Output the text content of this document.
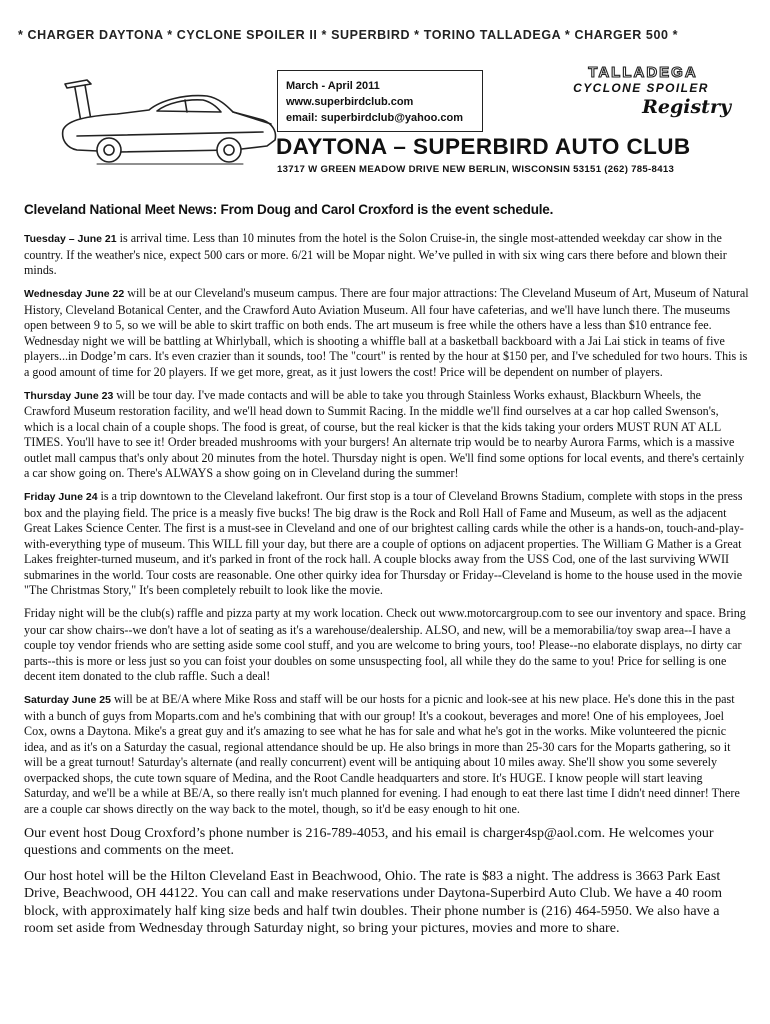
* CHARGER DAYTONA * CYCLONE SPOILER II * SUPERBIRD * TORINO TALLADEGA * CHARGER 500 *
March - April 2011
www.superbirdclub.com
email: superbirdclub@yahoo.com
TALLADEGA
CYCLONE SPOILER
Registry
DAYTONA – SUPERBIRD AUTO CLUB
13717 W GREEN MEADOW DRIVE NEW BERLIN, WISCONSIN 53151 (262) 785-8413
Cleveland National Meet News: From Doug and Carol Croxford is the event schedule.

Tuesday – June 21 is arrival time. Less than 10 minutes from the hotel is the Solon Cruise-in, the single most-attended weekday car show in the country. If the weather's nice, expect 500 cars or more. 6/21 will be Mopar night. We’ve pulled in with six wing cars there before and blown their minds.

Wednesday June 22 will be at our Cleveland's museum campus. There are four major attractions: The Cleveland Museum of Art, Museum of Natural History, Cleveland Botanical Center, and the Crawford Auto Aviation Museum. All four have cafeterias, and we'll have lunch there. The museums open between 9 to 5, so we will be able to skirt traffic on both ends. The art museum is free while the others have a less than $10 entrance fee. Wednesday night we will be battling at Whirlyball, which is shooting a whiffle ball at a basketball backboard with a Jai Lai stick in teams of five players...in Dodge’m cars. It's even crazier than it sounds, too! The "court" is rented by the hour at $150 per, and I've scheduled for two hours. This is a good amount of time for 20 players. If we get more, great, as it just lowers the cost! Price will be dependent on number of players.

Thursday June 23 will be tour day. I've made contacts and will be able to take you through Stainless Works exhaust, Blackburn Wheels, the Crawford Museum restoration facility, and we'll head down to Summit Racing. In the middle we'll find ourselves at a car hop called Swenson's, which is a local chain of a couple shops. The food is great, of course, but the real kicker is that the kids taking your orders MUST RUN AT ALL TIMES. You'll have to see it! Order breaded mushrooms with your burgers! An alternate trip would be to nearby Aurora Farms, which is a massive outlet mall campus that's only about 20 minutes from the hotel. Thursday night is open. We'll find some options for local events, and there's certainly a car show going on. There's ALWAYS a show going on in Cleveland during the summer!

Friday June 24 is a trip downtown to the Cleveland lakefront. Our first stop is a tour of Cleveland Browns Stadium, complete with stops in the press box and the playing field. The price is a measly five bucks! The big draw is the Rock and Roll Hall of Fame and Museum, as well as the adjacent Great Lakes Science Center. The first is a must-see in Cleveland and one of our brightest calling cards while the other is a hands-on, touch-and-play-with-everything type of museum. This WILL fill your day, but there are a couple of options on adjacent properties. The William G Mather is a Great Lakes freighter-turned museum, and it's parked in front of the rock hall. A couple blocks away from the USS Cod, one of the last surviving WWII submarines in the world. Tour costs are reasonable. One other quirky idea for Thursday or Friday--Cleveland is home to the house used in the movie "The Christmas Story," It's been completely rebuilt to look like the movie.

Friday night will be the club(s) raffle and pizza party at my work location. Check out www.motorcargroup.com to see our inventory and space. Bring your car show chairs--we don't have a lot of seating as it's a warehouse/dealership. ALSO, and new, will be a memorabilia/toy swap area--I have a couple toy vendor friends who are setting aside some cool stuff, and you are welcome to bring yours, too! Please--no elaborate displays, no dirty car parts--this is more or less just so you can foist your doubles on some unsuspecting fool, all while they do the same to you! Price for selling is one decent item donated to the club raffle. Such a deal!

Saturday June 25 will be at BE/A where Mike Ross and staff will be our hosts for a picnic and look-see at his new place. He's done this in the past with a bunch of guys from Moparts.com and he's combining that with our group! It's a cookout, beverages and more! One of his employees, Joel Cox, owns a Daytona. Mike's a great guy and it's amazing to see what he has for sale and what he's got in the works. Mike volunteered the picnic idea, and as it's on a Saturday the casual, regional attendance should be up. He also brings in more than 25-30 cars for the Moparts gathering, so it will be a great turnout! Saturday's alternate (and really concurrent) event will be antiquing about 10 miles away. She'll show you some severely overpacked shops, the cute town square of Medina, and the Root Candle headquarters and store. It's HUGE. I know people will start leaving Saturday, and we'll be a while at BE/A, so there really isn't much planned for evening. I had enough to eat there last time I didn't need dinner! There are a couple car shows directly on the way back to the motel, though, so it'd be easy enough to hit one.

Our event host Doug Croxford’s phone number is 216-789-4053, and his email is charger4sp@aol.com. He welcomes your questions and comments on the meet.

Our host hotel will be the Hilton Cleveland East in Beachwood, Ohio. The rate is $83 a night. The address is 3663 Park East Drive, Beachwood, OH 44122. You can call and make reservations under Daytona-Superbird Auto Club. We have a 40 room block, with approximately half king size beds and half twin doubles. Their phone number is (216) 464-5950. We also have a room set aside from Wednesday through Saturday night, so bring your pictures, movies and more to share.
